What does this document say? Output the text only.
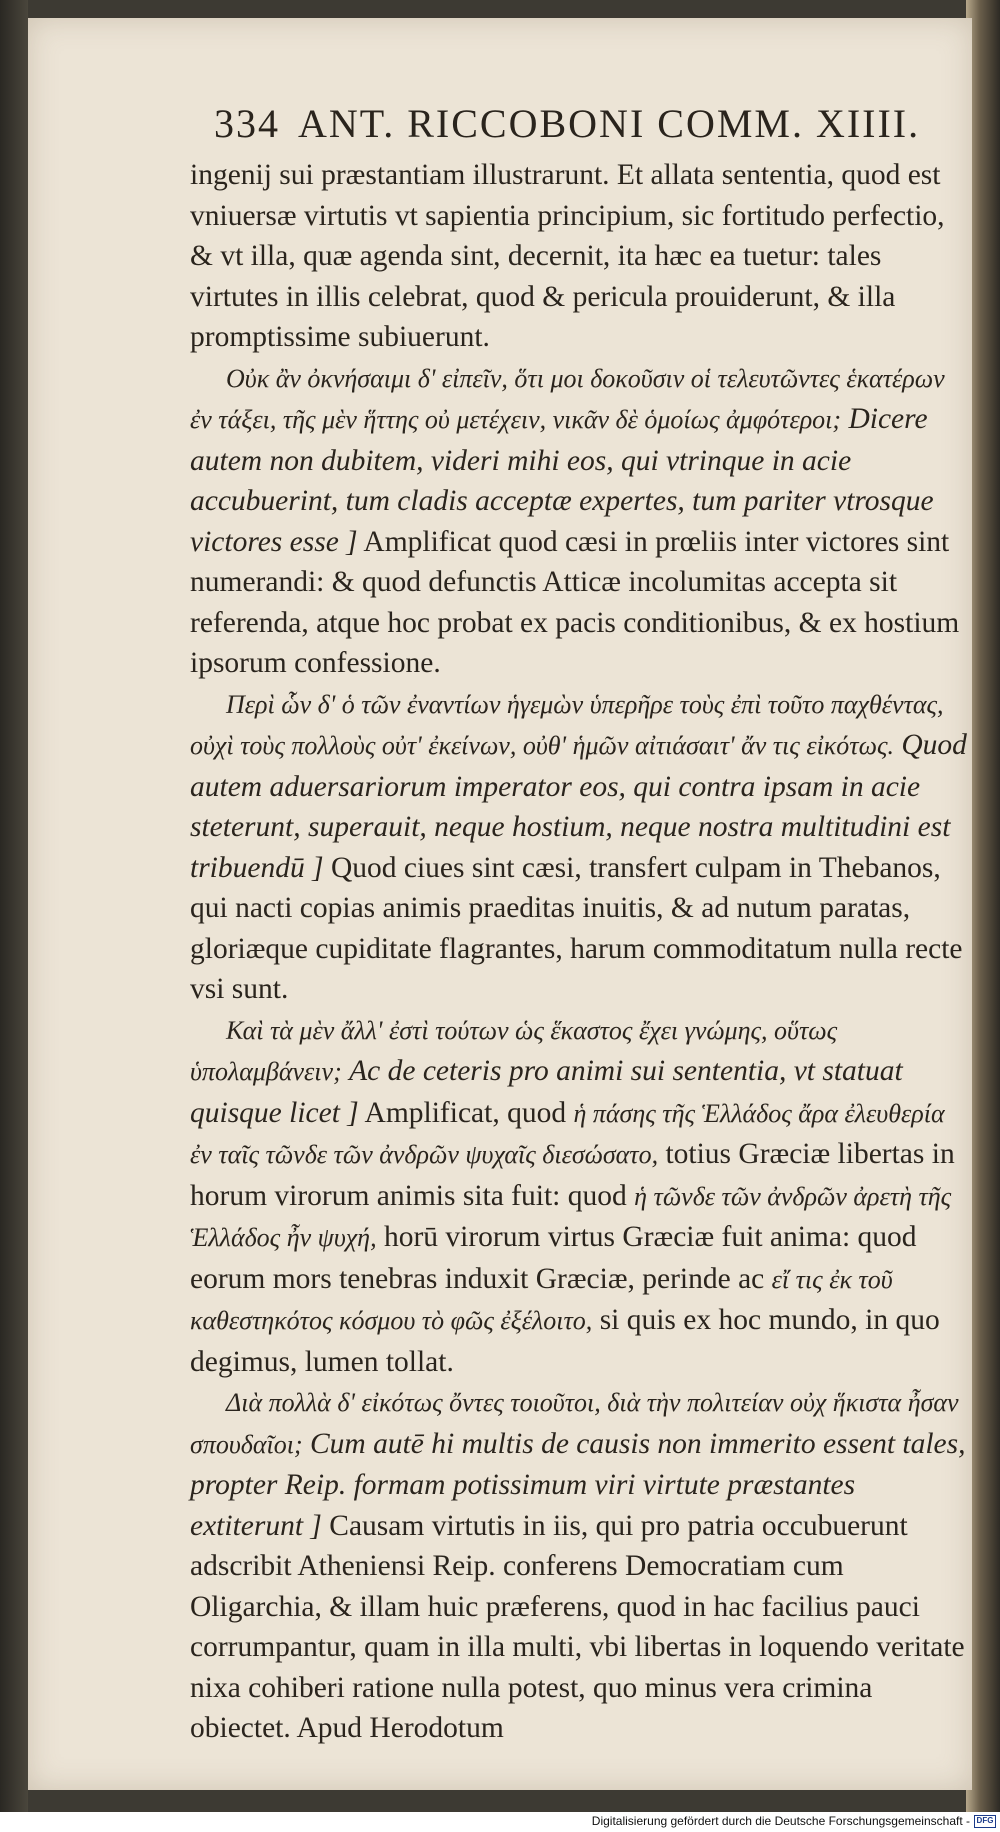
334 ANT. RICCOBONI COMM. XIIII.

ingenij sui præstantiam illustrarunt. Et allata sententia, quod est vniuersæ virtutis vt sapientia principium, sic fortitudo perfectio, & vt illa, quæ agenda sint, decernit, ita hæc ea tuetur: tales virtutes in illis celebrat, quod & pericula prouiderunt, & illa promptissime subiuerunt.

Οὐκ ἂν ὀκνήσαιμι δ' εἰπεῖν, ὅτι μοι δοκοῦσιν οἱ τελευτῶντες ἑκατέρων ἐν τάξει, τῆς μὲν ἥττης οὐ μετέχειν, νικᾶν δὲ ὁμοίως ἀμφότεροι; Dicere autem non dubitem, videri mihi eos, qui vtrinque in acie accubuerint, tum cladis acceptæ expertes, tum pariter vtrosque victores esse ] Amplificat quod cæsi in prœliis inter victores sint numerandi: & quod defunctis Atticæ incolumitas accepta sit referenda, atque hoc probat ex pacis conditionibus, & ex hostium ipsorum confessione.

Περὶ ὧν δ' ὁ τῶν ἐναντίων ἡγεμὼν ὑπερῆρε τοὺς ἐπὶ τοῦτο παχθέντας, οὐχὶ τοὺς πολλοὺς οὐτ' ἐκείνων, οὐθ' ἡμῶν αἰτιάσαιτ' ἄν τις εἰκότως. Quod autem aduersariorum imperator eos, qui contra ipsam in acie steterunt, superauit, neque hostium, neque nostra multitudini est tribuendū ] Quod ciues sint cæsi, transfert culpam in Thebanos, qui nacti copias animis praeditas inuitis, & ad nutum paratas, gloriæque cupiditate flagrantes, harum commoditatum nulla recte vsi sunt.

Καὶ τὰ μὲν ἄλλ' ἐστὶ τούτων ὡς ἕκαστος ἔχει γνώμης, οὕτως ὑπολαμβάνειν; Ac de ceteris pro animi sui sententia, vt statuat quisque licet ] Amplificat, quod ἡ πάσης τῆς Ἑλλάδος ἄρα ἐλευθερία ἐν ταῖς τῶνδε τῶν ἀνδρῶν ψυχαῖς διεσώσατο, totius Græciæ libertas in horum virorum animis sita fuit: quod ἡ τῶνδε τῶν ἀνδρῶν ἀρετὴ τῆς Ἑλλάδος ἦν ψυχή, horū virorum virtus Græciæ fuit anima: quod eorum mors tenebras induxit Græciæ, perinde ac εἴ τις ἐκ τοῦ καθεστηκότος κόσμου τὸ φῶς ἐξέλοιτο, si quis ex hoc mundo, in quo degimus, lumen tollat.

Διὰ πολλὰ δ' εἰκότως ὄντες τοιοῦτοι, διὰ τὴν πολιτείαν οὐχ ἥκιστα ἦσαν σπουδαῖοι; Cum autē hi multis de causis non immerito essent tales, propter Reip. formam potissimum viri virtute præstantes extiterunt ] Causam virtutis in iis, qui pro patria occubuerunt adscribit Atheniensi Reip. conferens Democratiam cum Oligarchia, & illam huic præferens, quod in hac facilius pauci corrumpantur, quam in illa multi, vbi libertas in loquendo veritate nixa cohiberi ratione nulla potest, quo minus vera crimina obiectet. Apud Herodotum

Digitalisierung gefördert durch die Deutsche Forschungsgemeinschaft - DFG
